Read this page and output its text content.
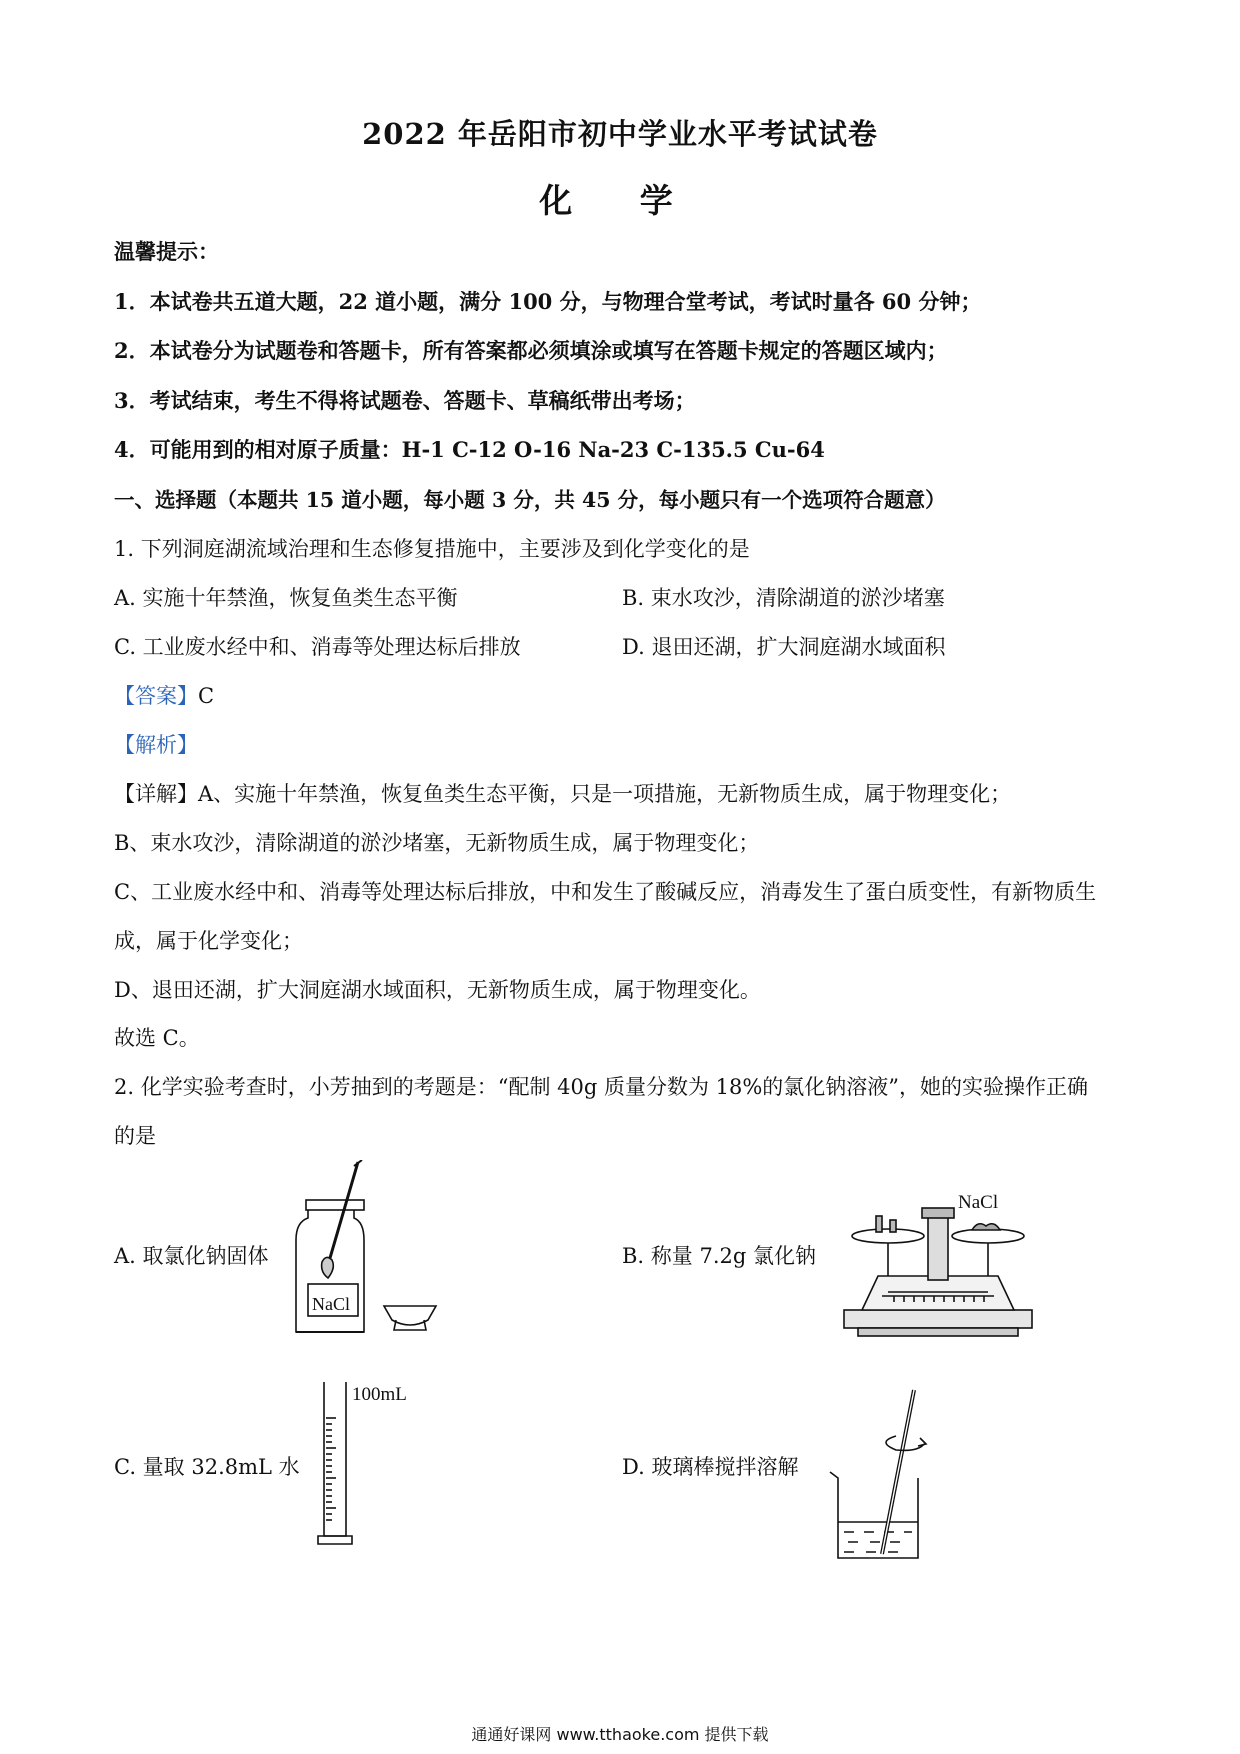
2022 年岳阳市初中学业水平考试试卷
化 学
温馨提示：
1．本试卷共五道大题，22 道小题，满分 100 分，与物理合堂考试，考试时量各 60 分钟；
2．本试卷分为试题卷和答题卡，所有答案都必须填涂或填写在答题卡规定的答题区域内；
3．考试结束，考生不得将试题卷、答题卡、草稿纸带出考场；
4．可能用到的相对原子质量：H-1 C-12 O-16 Na-23 C-135.5 Cu-64
一、选择题（本题共 15 道小题，每小题 3 分，共 45 分，每小题只有一个选项符合题意）
1. 下列洞庭湖流域治理和生态修复措施中，主要涉及到化学变化的是
A. 实施十年禁渔，恢复鱼类生态平衡	B. 束水攻沙，清除湖道的淤沙堵塞
C. 工业废水经中和、消毒等处理达标后排放	D. 退田还湖，扩大洞庭湖水域面积
【答案】C
【解析】
【详解】A、实施十年禁渔，恢复鱼类生态平衡，只是一项措施，无新物质生成，属于物理变化；
B、束水攻沙，清除湖道的淤沙堵塞，无新物质生成，属于物理变化；
C、工业废水经中和、消毒等处理达标后排放，中和发生了酸碱反应，消毒发生了蛋白质变性，有新物质生
成，属于化学变化；
D、退田还湖，扩大洞庭湖水域面积，无新物质生成，属于物理变化。
故选 C。
2. 化学实验考查时，小芳抽到的考题是：“配制 40g 质量分数为 18%的氯化钠溶液”，她的实验操作正确
的是
A. 取氯化钠固体	B. 称量 7.2g 氯化钠
C. 量取 32.8mL 水	D. 玻璃棒搅拌溶解
NaCl
NaCl
100mL
通通好课网 www.tthaoke.com 提供下载
